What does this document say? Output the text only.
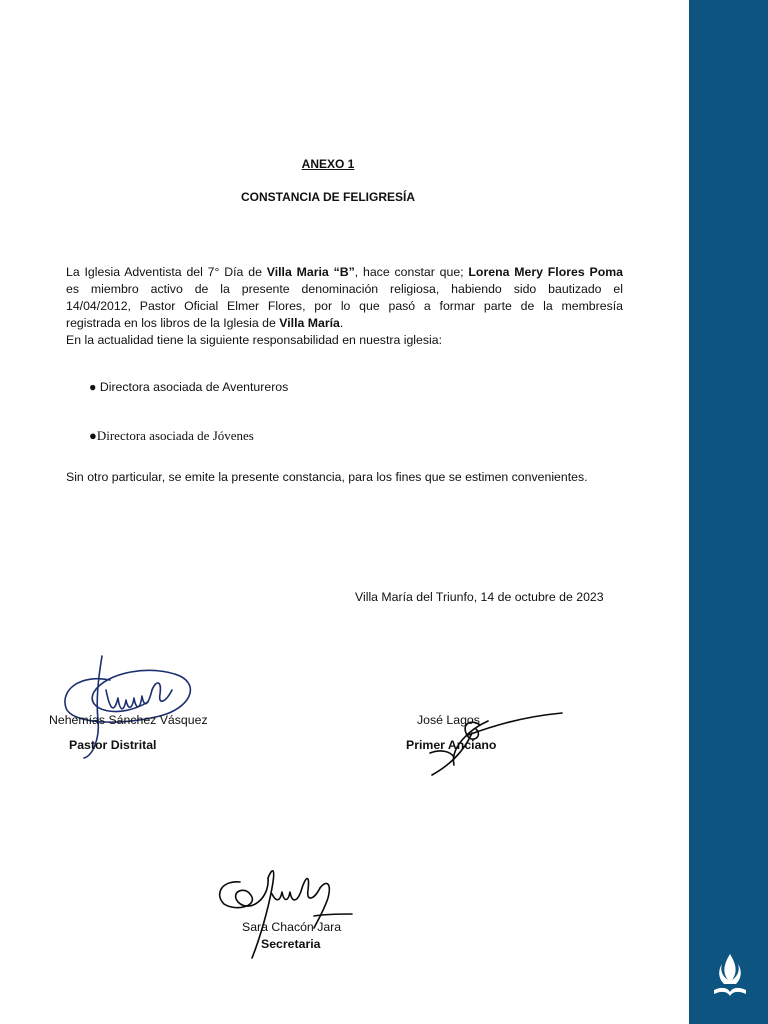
ANEXO 1
CONSTANCIA DE FELIGRESÍA
La Iglesia Adventista del 7° Día de Villa Maria “B”, hace constar que; Lorena Mery Flores Poma
es miembro activo de la presente denominación religiosa, habiendo sido bautizado el
14/04/2012, Pastor Oficial Elmer Flores, por lo que pasó a formar parte de la membresía
registrada en los libros de la Iglesia de Villa María.
En la actualidad tiene la siguiente responsabilidad en nuestra iglesia:
● Directora asociada de Aventureros
●Directora asociada de Jóvenes
Sin otro particular, se emite la presente constancia, para los fines que se estimen convenientes.
Villa María del Triunfo, 14 de octubre de 2023
Nehemías Sánchez Vásquez
Pastor Distrital
José Lagos
Primer Anciano
Sara Chacón Jara
Secretaria
